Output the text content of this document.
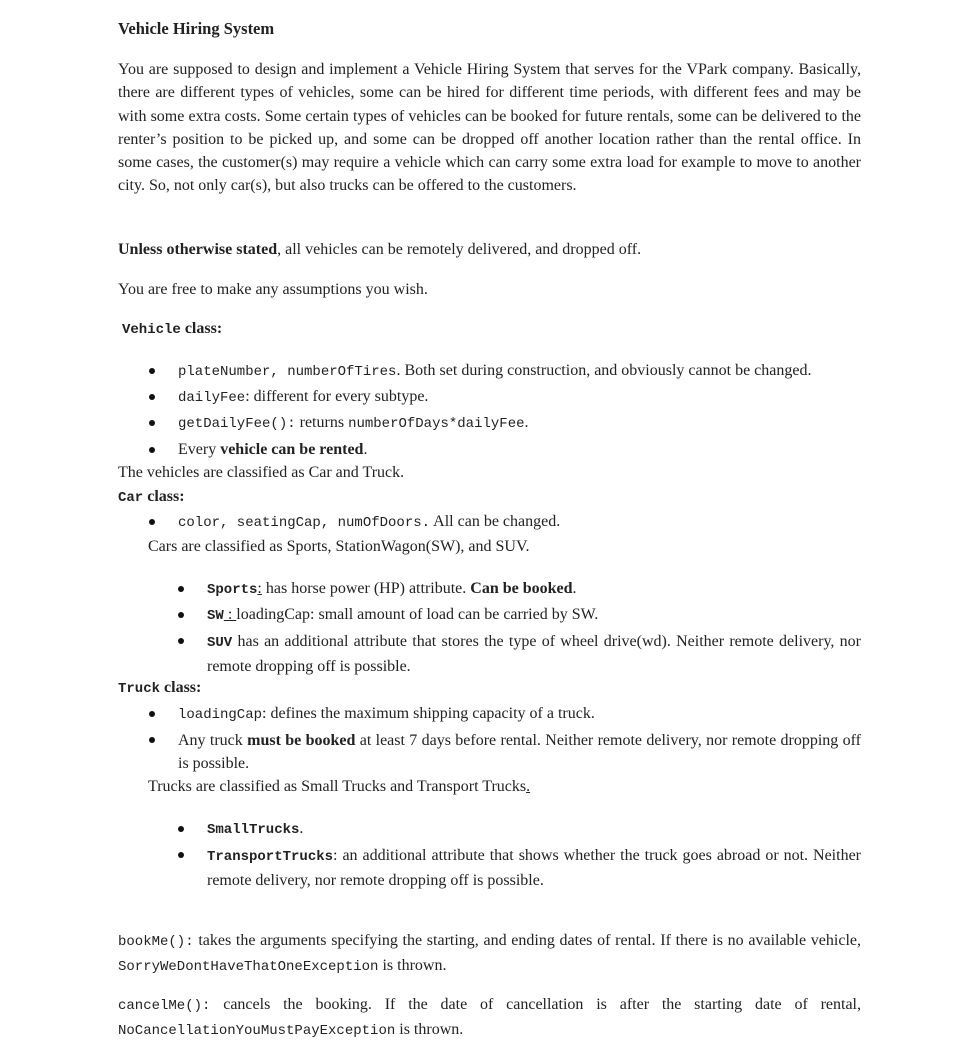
Vehicle Hiring System
You are supposed to design and implement a Vehicle Hiring System that serves for the VPark company. Basically, there are different types of vehicles, some can be hired for different time periods, with different fees and may be with some extra costs. Some certain types of vehicles can be booked for future rentals, some can be delivered to the renter’s position to be picked up, and some can be dropped off another location rather than the rental office. In some cases, the customer(s) may require a vehicle which can carry some extra load for example to move to another city. So, not only car(s), but also trucks can be offered to the customers.
Unless otherwise stated, all vehicles can be remotely delivered, and dropped off.
You are free to make any assumptions you wish.
Vehicle class:
plateNumber, numberOfTires. Both set during construction, and obviously cannot be changed.
dailyFee: different for every subtype.
getDailyFee(): returns numberOfDays*dailyFee.
Every vehicle can be rented.
The vehicles are classified as Car and Truck.
Car class:
color, seatingCap, numOfDoors. All can be changed.
Cars are classified as Sports, StationWagon(SW), and SUV.
Sports: has horse power (HP) attribute. Can be booked.
SW : loadingCap: small amount of load can be carried by SW.
SUV has an additional attribute that stores the type of wheel drive(wd). Neither remote delivery, nor remote dropping off is possible.
Truck class:
loadingCap: defines the maximum shipping capacity of a truck.
Any truck must be booked at least 7 days before rental. Neither remote delivery, nor remote dropping off is possible.
Trucks are classified as Small Trucks and Transport Trucks.
SmallTrucks.
TransportTrucks: an additional attribute that shows whether the truck goes abroad or not. Neither remote delivery, nor remote dropping off is possible.
bookMe(): takes the arguments specifying the starting, and ending dates of rental. If there is no available vehicle, SorryWeDontHaveThatOneException is thrown.
cancelMe(): cancels the booking. If the date of cancellation is after the starting date of rental, NoCancellationYouMustPayException is thrown.
